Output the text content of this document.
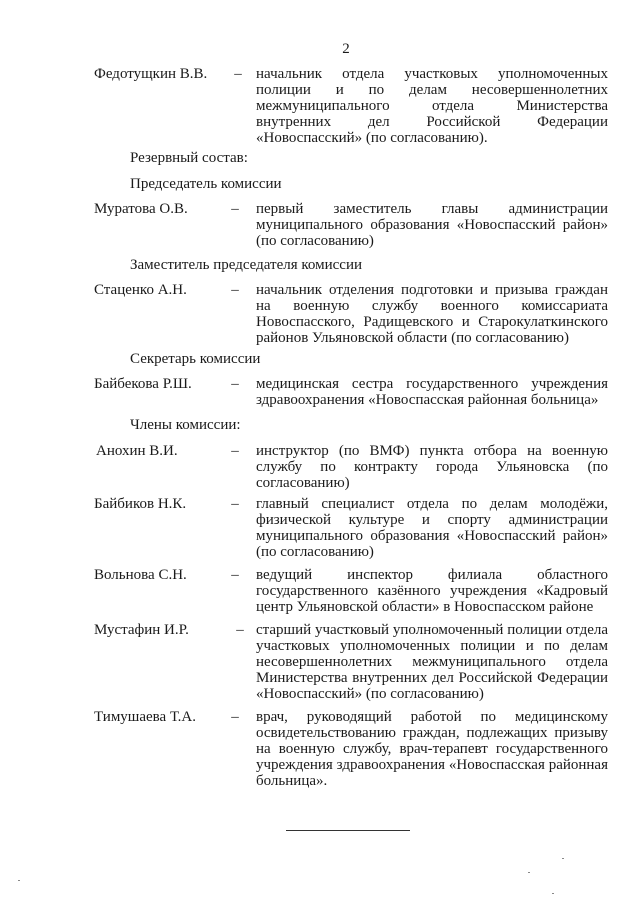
2
Федотущкин В.В. – начальник отдела участковых уполномоченных полиции и по делам несовершеннолетних межмуниципального отдела Министерства внутренних дел Российской Федерации «Новоспасский» (по согласованию).
Резервный состав:
Председатель комиссии
Муратова О.В.	– первый заместитель главы администрации муниципального образования «Новоспасский район» (по согласованию)
Заместитель председателя комиссии
Стаценко А.Н.	– начальник отделения подготовки и призыва граждан на военную службу военного комиссариата Новоспасского, Радищевского и Старокулаткинского районов Ульяновской области (по согласованию)
Секретарь комиссии
Байбекова Р.Ш.	– медицинская сестра государственного учреждения здравоохранения «Новоспасская районная больница»
Члены комиссии:
Анохин В.И.	– инструктор (по ВМФ) пункта отбора на военную службу по контракту города Ульяновска (по согласованию)
Байбиков Н.К.	– главный специалист отдела по делам молодёжи, физической культуре и спорту администрации муниципального образования «Новоспасский район» (по согласованию)
Вольнова С.Н.	– ведущий инспектор филиала областного государственного казённого учреждения «Кадровый центр Ульяновской области» в Новоспасском районе
Мустафин И.Р.	– старший участковый уполномоченный полиции отдела участковых уполномоченных полиции и по делам несовершеннолетних межмуниципального отдела Министерства внутренних дел Российской Федерации «Новоспасский» (по согласованию)
Тимушаева Т.А. – врач, руководящий работой по медицинскому освидетельствованию граждан, подлежащих призыву на военную службу, врач-терапевт государственного учреждения здравоохранения «Новоспасская районная больница».
